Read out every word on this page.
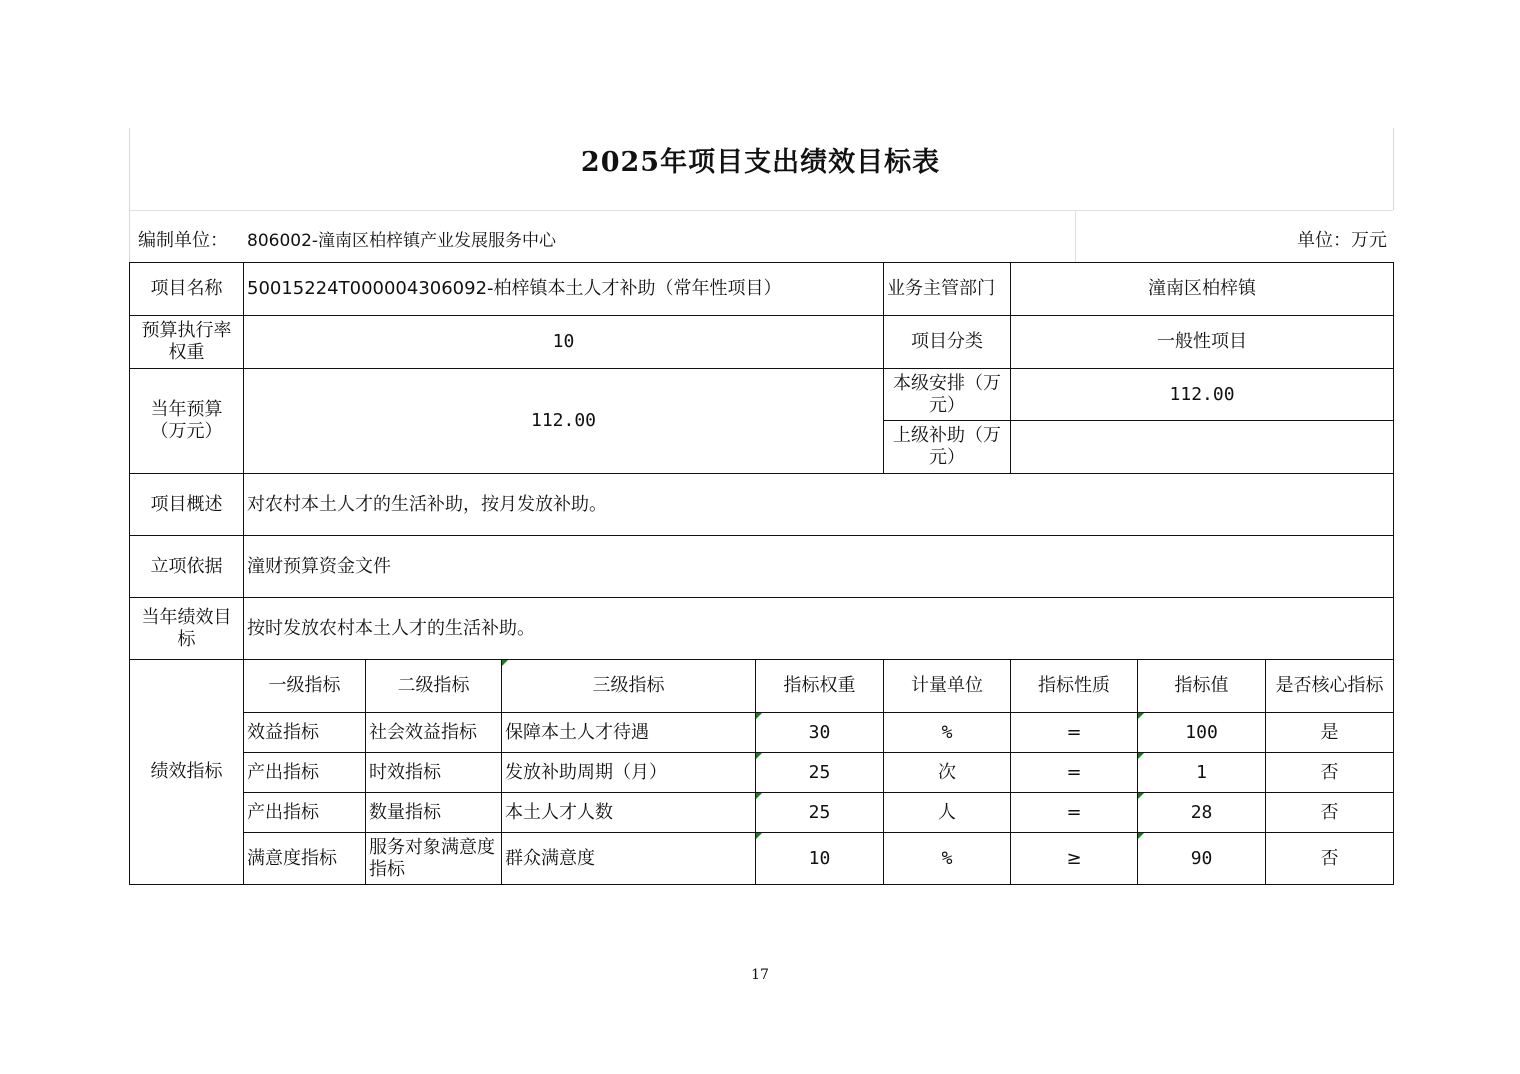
2025年项目支出绩效目标表
编制单位： 806002-潼南区柏梓镇产业发展服务中心	单位：万元
项目名称	50015224T000004306092-柏梓镇本土人才补助（常年性项目）				业务主管部门	潼南区柏梓镇		
预算执行率权重	10				项目分类	一般性项目		
当年预算（万元）	112.00				本级安排（万元）	112.00		
					上级补助（万元）			
项目概述	对农村本土人才的生活补助，按月发放补助。							
立项依据	潼财预算资金文件							
当年绩效目标	按时发放农村本土人才的生活补助。							
绩效指标	一级指标	二级指标	三级指标	指标权重	计量单位	指标性质	指标值	是否核心指标
	效益指标	社会效益指标	保障本土人才待遇	30	%	=	100	是
	产出指标	时效指标	发放补助周期（月）	25	次	=	1	否
	产出指标	数量指标	本土人才人数	25	人	=	28	否
	满意度指标	服务对象满意度指标	群众满意度	10	%	≥	90	否
17
